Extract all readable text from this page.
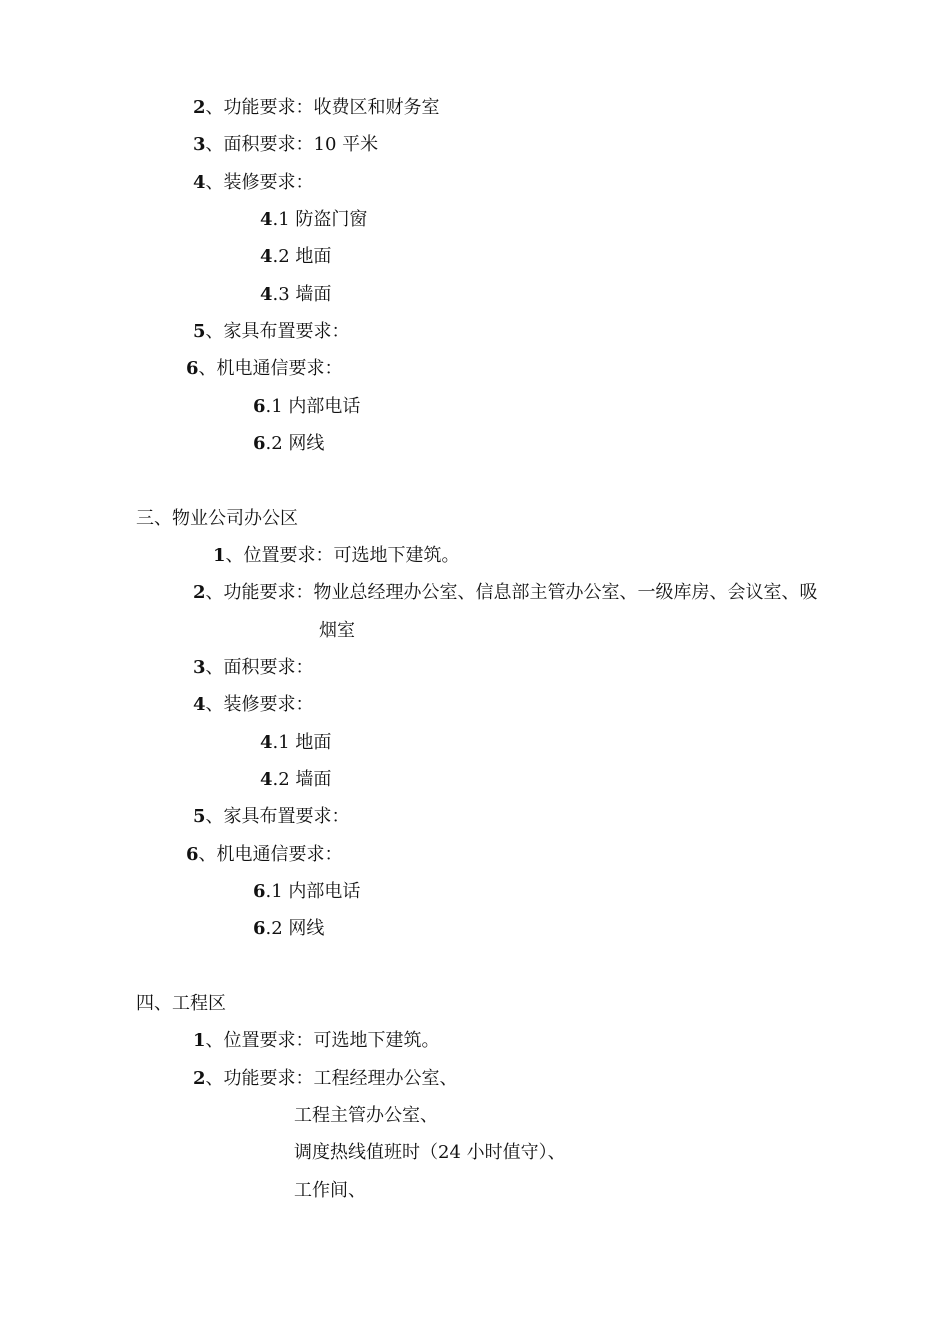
2、功能要求：收费区和财务室
3、面积要求：10 平米
4、装修要求：
4.1 防盗门窗
4.2 地面
4.3 墙面
5、家具布置要求：
6、机电通信要求：
6.1 内部电话
6.2 网线
三、物业公司办公区
1、位置要求：可选地下建筑。
2、功能要求：物业总经理办公室、信息部主管办公室、一级库房、会议室、吸
烟室
3、面积要求：
4、装修要求：
4.1 地面
4.2 墙面
5、家具布置要求：
6、机电通信要求：
6.1 内部电话
6.2 网线
四、工程区
1、位置要求：可选地下建筑。
2、功能要求：工程经理办公室、
工程主管办公室、
调度热线值班时（24 小时值守）、
工作间、
